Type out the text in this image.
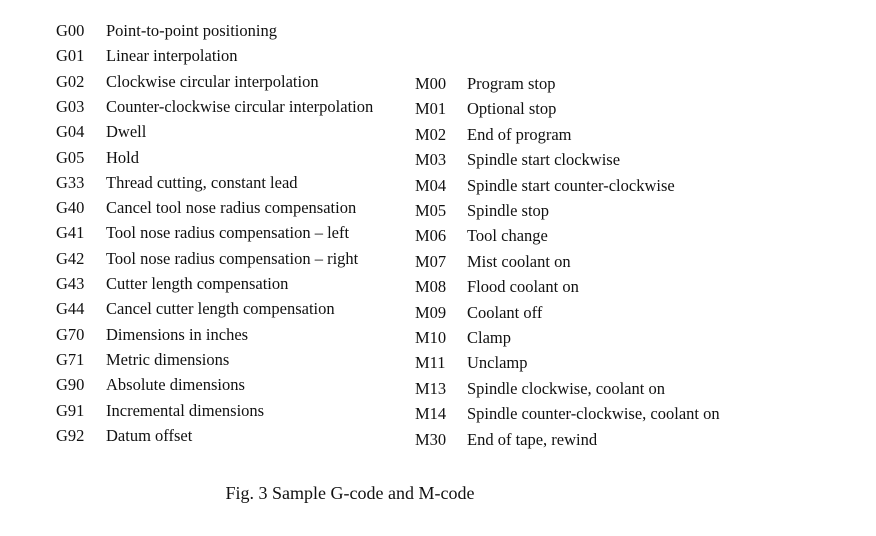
G00 Point-to-point positioning
G01 Linear interpolation
G02 Clockwise circular interpolation
G03 Counter-clockwise circular interpolation
G04 Dwell
G05 Hold
G33 Thread cutting, constant lead
G40 Cancel tool nose radius compensation
G41 Tool nose radius compensation – left
G42 Tool nose radius compensation – right
G43 Cutter length compensation
G44 Cancel cutter length compensation
G70 Dimensions in inches
G71 Metric dimensions
G90 Absolute dimensions
G91 Incremental dimensions
G92 Datum offset
M00 Program stop
M01 Optional stop
M02 End of program
M03 Spindle start clockwise
M04 Spindle start counter-clockwise
M05 Spindle stop
M06 Tool change
M07 Mist coolant on
M08 Flood coolant on
M09 Coolant off
M10 Clamp
M11 Unclamp
M13 Spindle clockwise, coolant on
M14 Spindle counter-clockwise, coolant on
M30 End of tape, rewind
Fig. 3 Sample G-code and M-code
